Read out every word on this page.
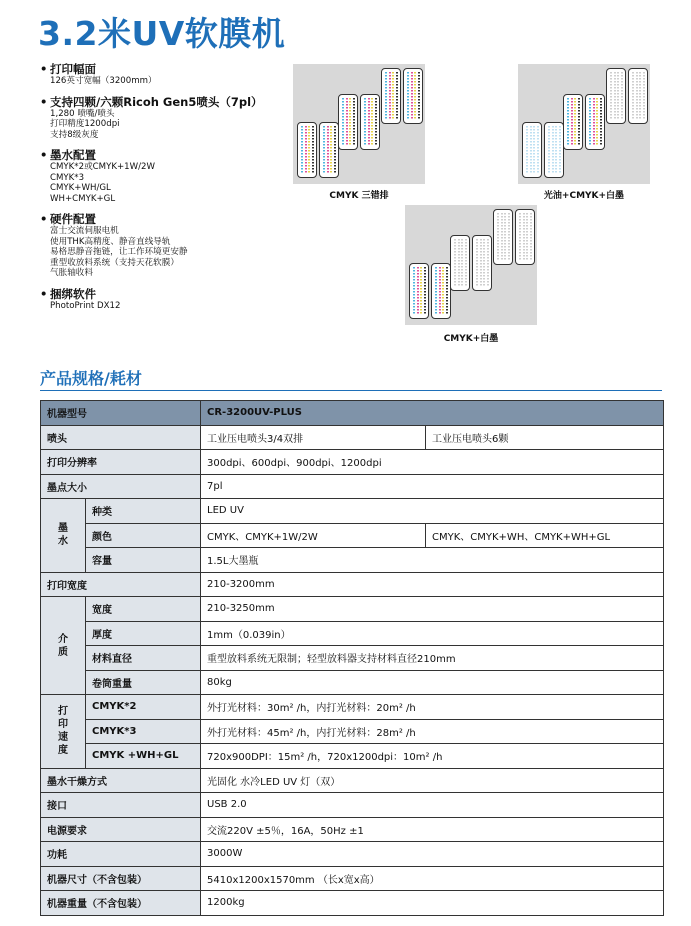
3.2米UV软膜机
• 打印幅面
126英寸宽幅（3200mm）
• 支持四颗/六颗Ricoh Gen5喷头（7pl）
1,280 喷嘴/喷头
打印精度1200dpi
支持8级灰度
• 墨水配置
CMYK*2或CMYK+1W/2W
CMYK*3
CMYK+WH/GL
WH+CMYK+GL
• 硬件配置
富士交流伺服电机
使用THK高精度、静音直线导轨
易格思静音拖链，让工作环境更安静
重型收放料系统（支持天花软膜）
气胀轴收料
• 捆绑软件
PhotoPrint DX12
CMYK 三错排	光油+CMYK+白墨
CMYK+白墨
产品规格/耗材
机器型号		CR-3200UV-PLUS	
喷头		工业压电喷头3/4双排	工业压电喷头6颗
打印分辨率		300dpi、600dpi、900dpi、1200dpi	
墨点大小		7pl	
墨
水	种类	LED UV	
	颜色	CMYK、CMYK+1W/2W	CMYK、CMYK+WH、CMYK+WH+GL
	容量	1.5L大墨瓶	
打印宽度		210-3200mm	
介
质	宽度	210-3250mm	
	厚度	1mm（0.039in）	
	材料直径	重型放料系统无限制；轻型放料器支持材料直径210mm	
	卷筒重量	80kg	
打
印
速
度	CMYK*2	外打光材料：30m² /h，内打光材料：20m² /h	
	CMYK*3	外打光材料：45m² /h，内打光材料：28m² /h	
	CMYK +WH+GL	720x900DPI：15m² /h，720x1200dpi：10m² /h	
墨水干燥方式		光固化 水冷LED UV 灯（双）	
接口		USB 2.0	
电源要求		交流220V ±5％，16A，50Hz ±1	
功耗		3000W	
机器尺寸（不含包装）		5410x1200x1570mm （长x宽x高）	
机器重量（不含包装）		1200kg	
